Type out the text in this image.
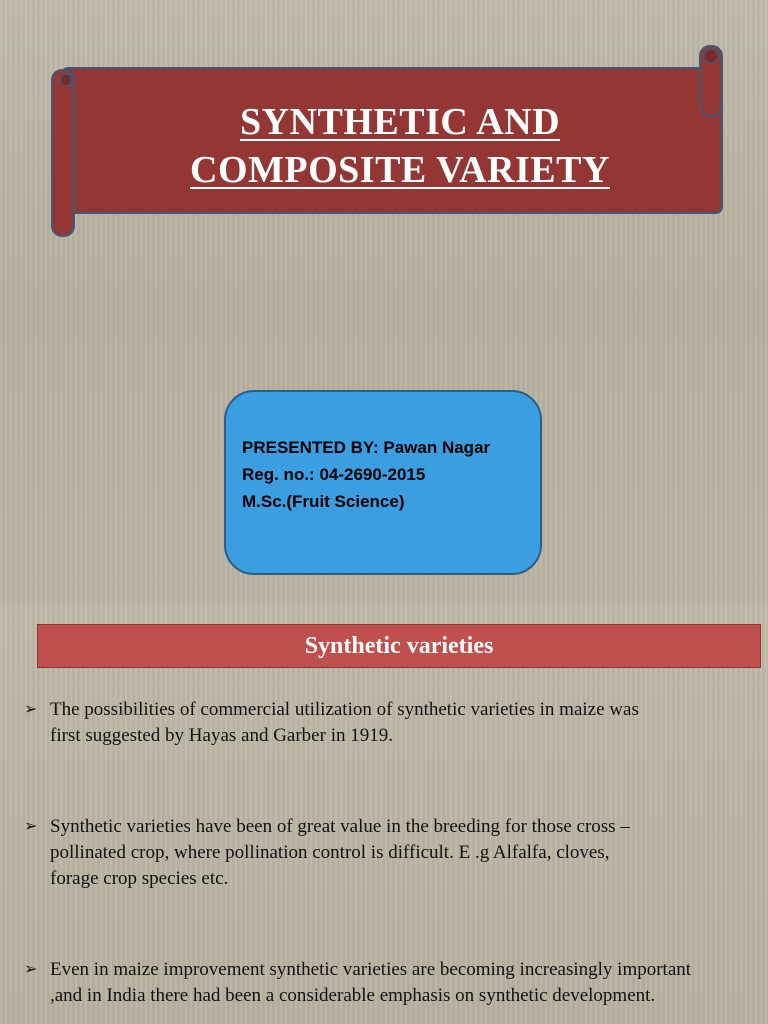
SYNTHETIC AND
COMPOSITE VARIETY
PRESENTED BY: Pawan Nagar
Reg. no.: 04-2690-2015
M.Sc.(Fruit Science)
Synthetic varieties
➢ The possibilities of commercial utilization of synthetic varieties in maize was
first suggested by Hayas and Garber in 1919.
➢ Synthetic varieties have been of great value in the breeding for those cross –
pollinated crop, where pollination control is difficult. E .g Alfalfa, cloves,
forage crop species etc.
➢ Even in maize improvement synthetic varieties are becoming increasingly important
,and in India there had been a considerable emphasis on synthetic development.
